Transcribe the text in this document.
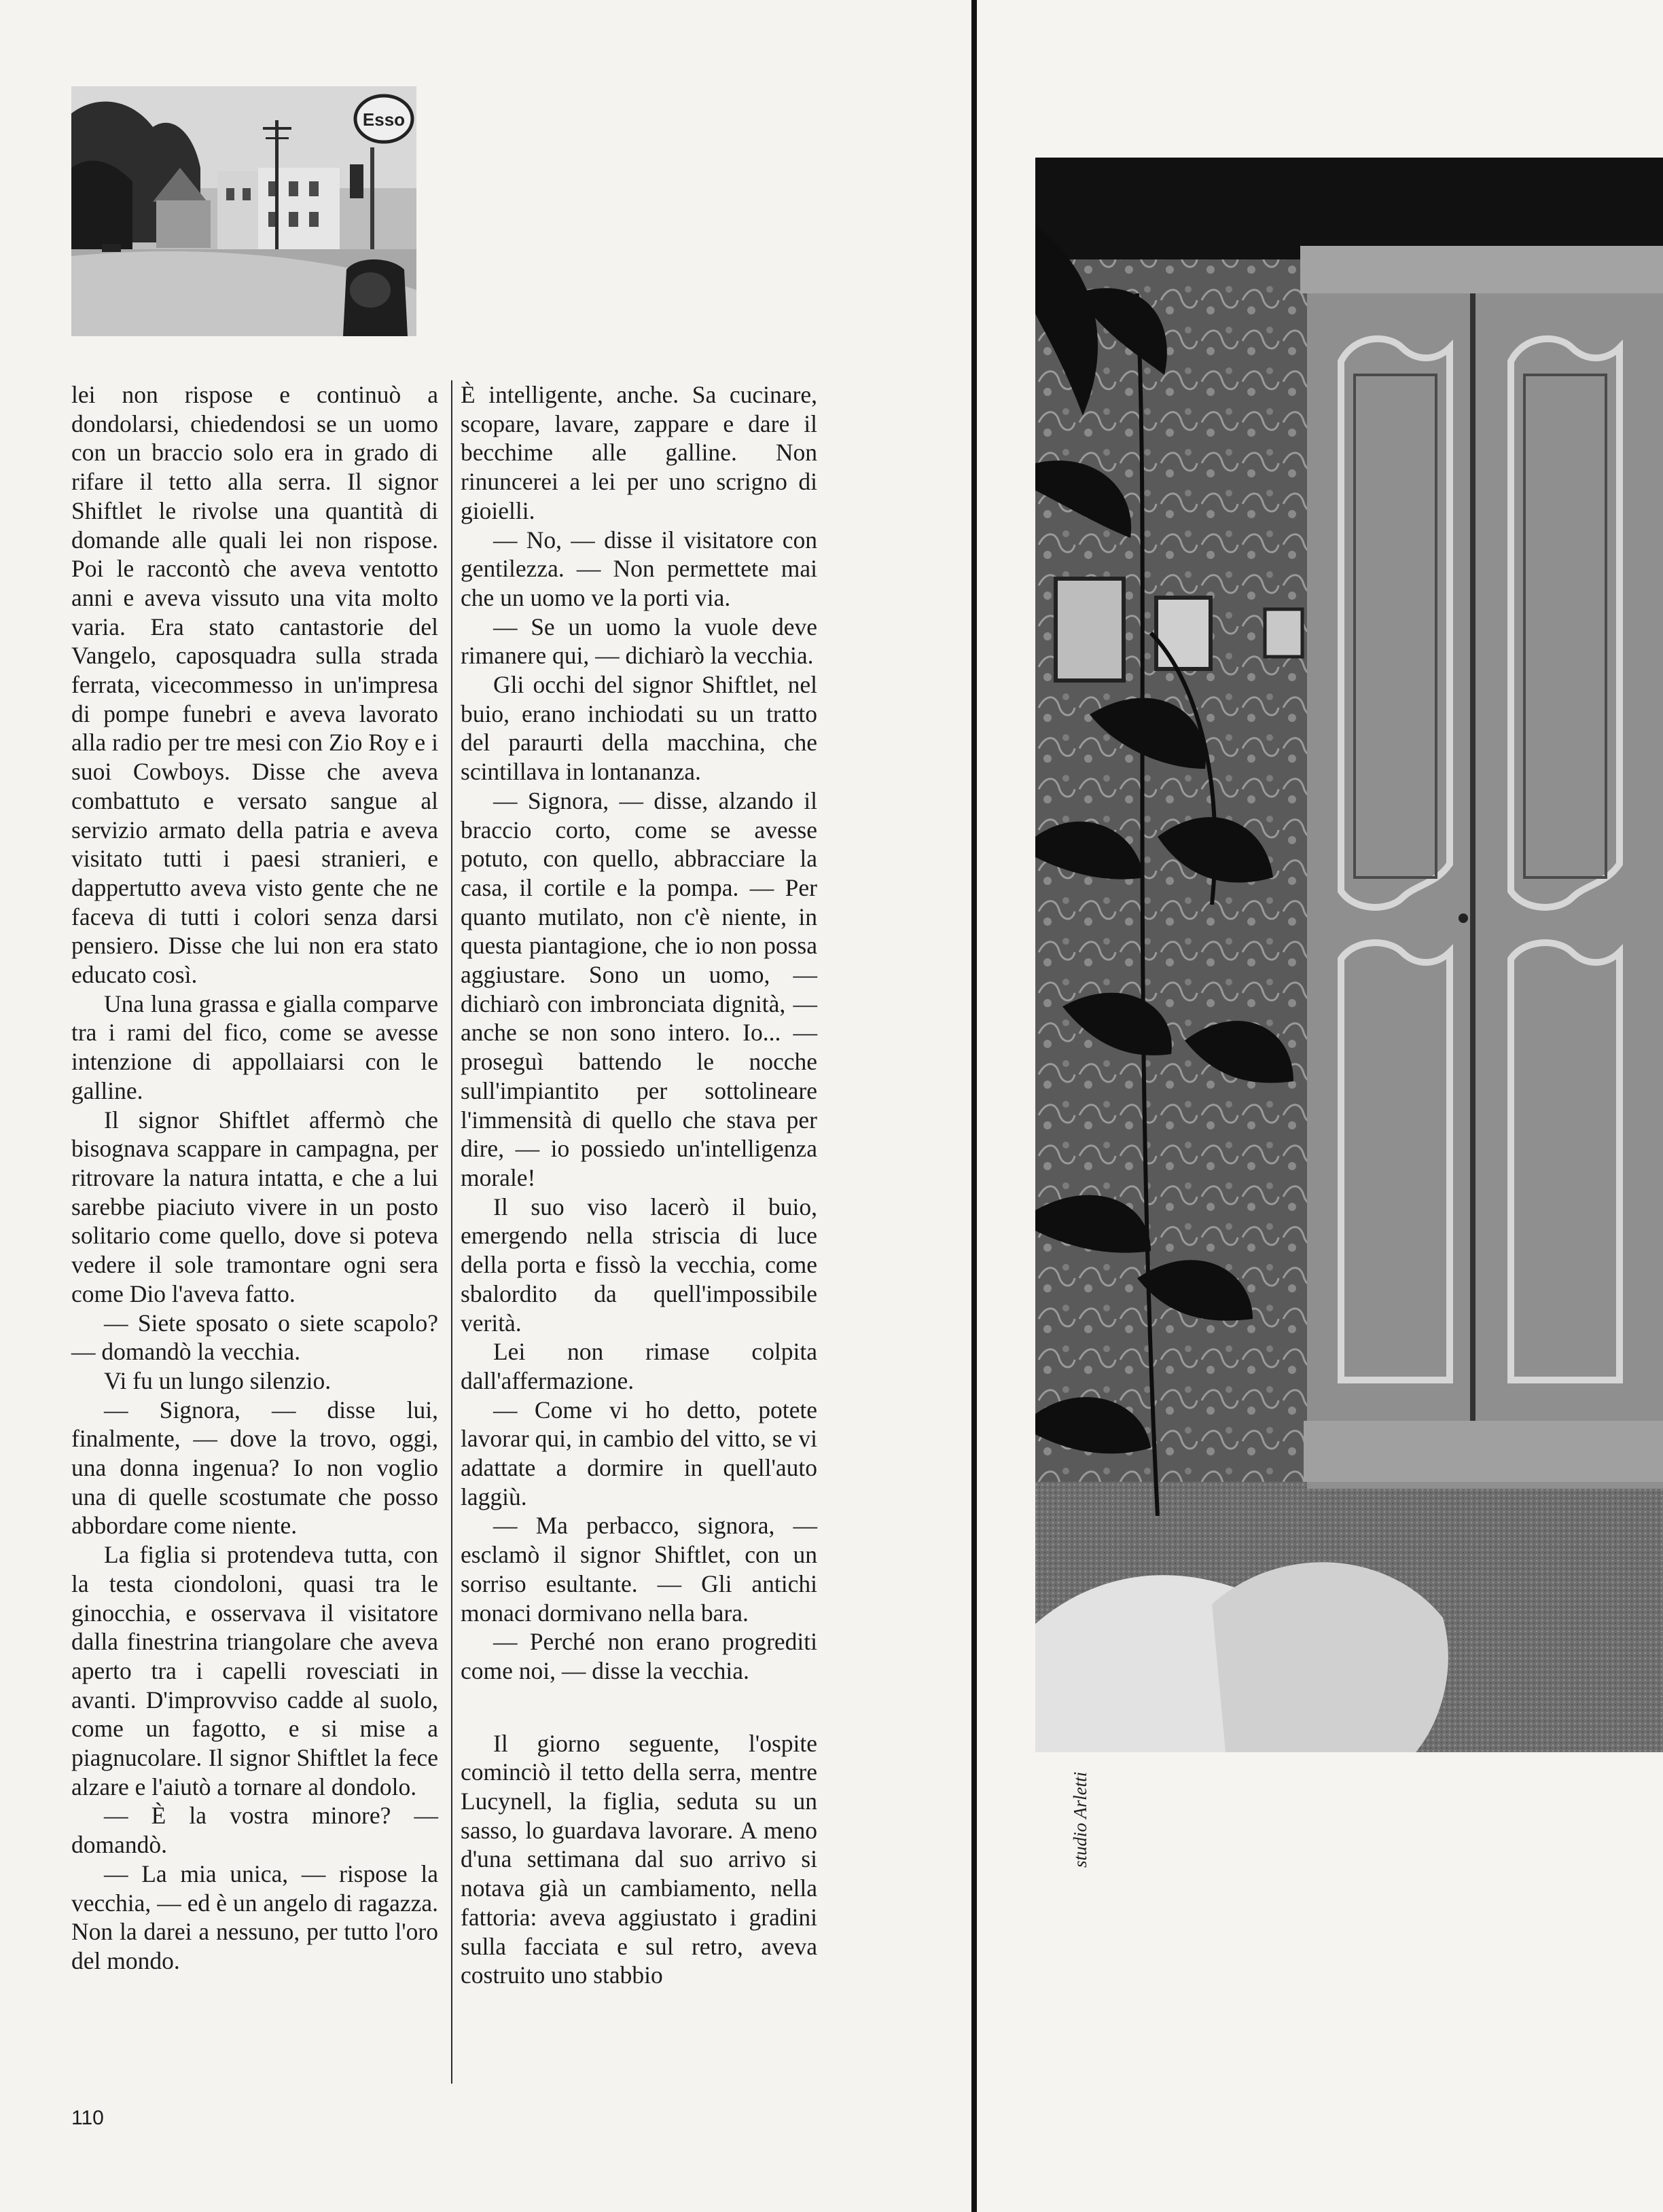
Esso

lei non rispose e continuò a dondolarsi, chiedendosi se un uomo con un braccio solo era in grado di rifare il tetto alla serra. Il signor Shiftlet le rivolse una quantità di domande alle quali lei non rispose. Poi le raccontò che aveva ventotto anni e aveva vissuto una vita molto varia. Era stato cantastorie del Vangelo, caposquadra sulla strada ferrata, vicecommesso in un'impresa di pompe funebri e aveva lavorato alla radio per tre mesi con Zio Roy e i suoi Cowboys. Disse che aveva combattuto e versato sangue al servizio armato della patria e aveva visitato tutti i paesi stranieri, e dappertutto aveva visto gente che ne faceva di tutti i colori senza darsi pensiero. Disse che lui non era stato educato così.

Una luna grassa e gialla comparve tra i rami del fico, come se avesse intenzione di appollaiarsi con le galline.

Il signor Shiftlet affermò che bisognava scappare in campagna, per ritrovare la natura intatta, e che a lui sarebbe piaciuto vivere in un posto solitario come quello, dove si poteva vedere il sole tramontare ogni sera come Dio l'aveva fatto.

— Siete sposato o siete scapolo? — domandò la vecchia.

Vi fu un lungo silenzio.

— Signora, — disse lui, finalmente, — dove la trovo, oggi, una donna ingenua? Io non voglio una di quelle scostumate che posso abbordare come niente.

La figlia si protendeva tutta, con la testa ciondoloni, quasi tra le ginocchia, e osservava il visitatore dalla finestrina triangolare che aveva aperto tra i capelli rovesciati in avanti. D'improvviso cadde al suolo, come un fagotto, e si mise a piagnucolare. Il signor Shiftlet la fece alzare e l'aiutò a tornare al dondolo.

— È la vostra minore? — domandò.

— La mia unica, — rispose la vecchia, — ed è un angelo di ragazza. Non la darei a nessuno, per tutto l'oro del mondo.

È intelligente, anche. Sa cucinare, scopare, lavare, zappare e dare il becchime alle galline. Non rinuncerei a lei per uno scrigno di gioielli.

— No, — disse il visitatore con gentilezza. — Non permettete mai che un uomo ve la porti via.

— Se un uomo la vuole deve rimanere qui, — dichiarò la vecchia.

Gli occhi del signor Shiftlet, nel buio, erano inchiodati su un tratto del paraurti della macchina, che scintillava in lontananza.

— Signora, — disse, alzando il braccio corto, come se avesse potuto, con quello, abbracciare la casa, il cortile e la pompa. — Per quanto mutilato, non c'è niente, in questa piantagione, che io non possa aggiustare. Sono un uomo, — dichiarò con imbronciata dignità, — anche se non sono intero. Io... — proseguì battendo le nocche sull'impiantito per sottolineare l'immensità di quello che stava per dire, — io possiedo un'intelligenza morale!

Il suo viso lacerò il buio, emergendo nella striscia di luce della porta e fissò la vecchia, come sbalordito da quell'impossibile verità.

Lei non rimase colpita dall'affermazione.

— Come vi ho detto, potete lavorar qui, in cambio del vitto, se vi adattate a dormire in quell'auto laggiù.

— Ma perbacco, signora, — esclamò il signor Shiftlet, con un sorriso esultante. — Gli antichi monaci dormivano nella bara.

— Perché non erano progrediti come noi, — disse la vecchia.

Il giorno seguente, l'ospite cominciò il tetto della serra, mentre Lucynell, la figlia, seduta su un sasso, lo guardava lavorare. A meno d'una settimana dal suo arrivo si notava già un cambiamento, nella fattoria: aveva aggiustato i gradini sulla facciata e sul retro, aveva costruito uno stabbio

110
studio Arletti
